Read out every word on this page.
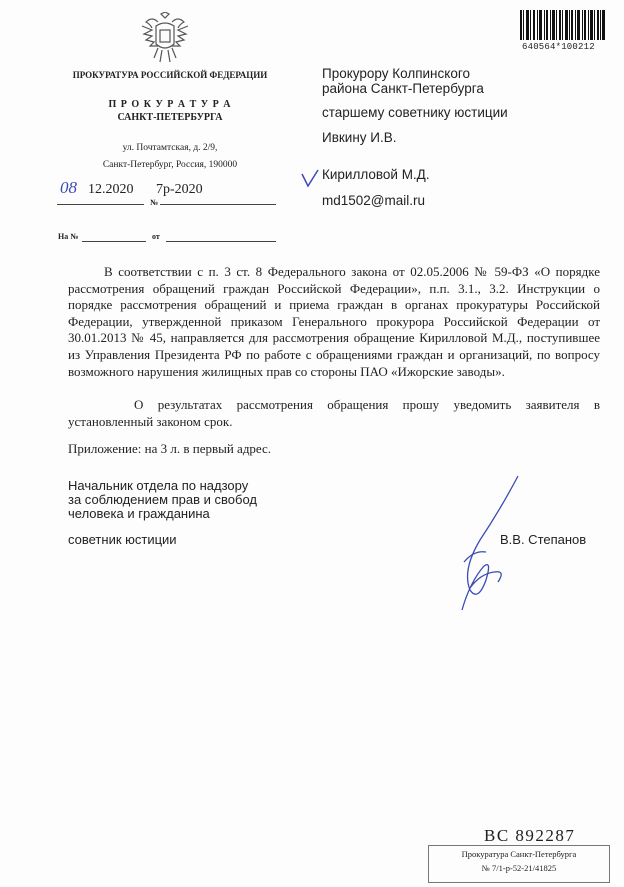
640564*100212
ПРОКУРАТУРА РОССИЙСКОЙ ФЕДЕРАЦИИ
П Р О К У Р А Т У Р А
САНКТ-ПЕТЕРБУРГА
ул. Почтамтская, д. 2/9,
Санкт-Петербург, Россия, 190000
08 12.2020 7р-2020
№
На №	от
Прокурору Колпинского
района Санкт-Петербурга
старшему советнику юстиции
Ивкину И.В.
Кирилловой М.Д.
md1502@mail.ru
В соответствии с п. 3 ст. 8 Федерального закона от 02.05.2006 № 59-ФЗ «О порядке рассмотрения обращений граждан Российской Федерации», п.п. 3.1., 3.2. Инструкции о порядке рассмотрения обращений и приема граждан в органах прокуратуры Российской Федерации, утвержденной приказом Генерального прокурора Российской Федерации от 30.01.2013 № 45, направляется для рассмотрения обращение Кирилловой М.Д., поступившее из Управления Президента РФ по работе с обращениями граждан и организаций, по вопросу возможного нарушения жилищных прав со стороны ПАО «Ижорские заводы».
О результатах рассмотрения обращения прошу уведомить заявителя в установленный законом срок.
Приложение: на 3 л. в первый адрес.
Начальник отдела по надзору
за соблюдением прав и свобод
человека и гражданина
советник юстиции	В.В. Степанов
ВС 892287
Прокуратура Санкт-Петербурга
№ 7/1-р-52-21/41825
